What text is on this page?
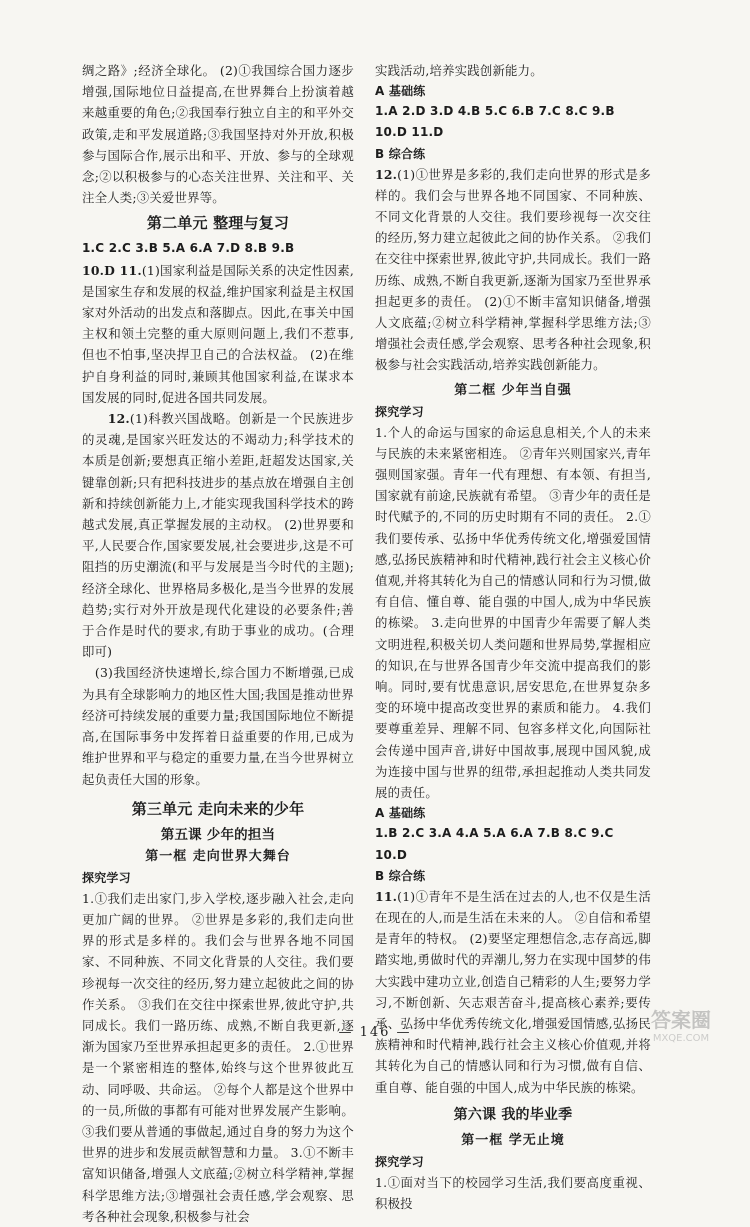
绸之路》;经济全球化。 (2)①我国综合国力逐步增强,国际地位日益提高,在世界舞台上扮演着越来越重要的角色;②我国奉行独立自主的和平外交政策,走和平发展道路;③我国坚持对外开放,积极参与国际合作,展示出和平、开放、参与的全球观念;②以积极参与的心态关注世界、关注和平、关注全人类;③关爱世界等。

第二单元 整理与复习

1.C 2.C 3.B 5.A 6.A 7.D 8.B 9.B

10.D 11.(1)国家利益是国际关系的决定性因素,是国家生存和发展的权益,维护国家利益是主权国家对外活动的出发点和落脚点。因此,在事关中国主权和领土完整的重大原则问题上,我们不惹事,但也不怕事,坚决捍卫自己的合法权益。 (2)在维护自身利益的同时,兼顾其他国家利益,在谋求本国发展的同时,促进各国共同发展。

　　12.(1)科教兴国战略。创新是一个民族进步的灵魂,是国家兴旺发达的不竭动力;科学技术的本质是创新;要想真正缩小差距,赶超发达国家,关键靠创新;只有把科技进步的基点放在增强自主创新和持续创新能力上,才能实现我国科学技术的跨越式发展,真正掌握发展的主动权。 (2)世界要和平,人民要合作,国家要发展,社会要进步,这是不可阻挡的历史潮流(和平与发展是当今时代的主题);经济全球化、世界格局多极化,是当今世界的发展趋势;实行对外开放是现代化建设的必要条件;善于合作是时代的要求,有助于事业的成功。(合理即可)

　(3)我国经济快速增长,综合国力不断增强,已成为具有全球影响力的地区性大国;我国是推动世界经济可持续发展的重要力量;我国国际地位不断提高,在国际事务中发挥着日益重要的作用,已成为维护世界和平与稳定的重要力量,在当今世界树立起负责任大国的形象。

第三单元 走向未来的少年
第五课 少年的担当
第一框 走向世界大舞台
探究学习

1.①我们走出家门,步入学校,逐步融入社会,走向更加广阔的世界。 ②世界是多彩的,我们走向世界的形式是多样的。我们会与世界各地不同国家、不同种族、不同文化背景的人交往。我们要珍视每一次交往的经历,努力建立起彼此之间的协作关系。 ③我们在交往中探索世界,彼此守护,共同成长。我们一路历练、成熟,不断自我更新,逐渐为国家乃至世界承担起更多的责任。 2.①世界是一个紧密相连的整体,始终与这个世界彼此互动、同呼吸、共命运。 ②每个人都是这个世界中的一员,所做的事都有可能对世界发展产生影响。 ③我们要从普通的事做起,通过自身的努力为这个世界的进步和发展贡献智慧和力量。 3.①不断丰富知识储备,增强人文底蕴;②树立科学精神,掌握科学思维方法;③增强社会责任感,学会观察、思考各种社会现象,积极参与社会

实践活动,培养实践创新能力。

A 基础练

1.A 2.D 3.D 4.B 5.C 6.B 7.C 8.C 9.B

10.D 11.D

B 综合练

12.(1)①世界是多彩的,我们走向世界的形式是多样的。我们会与世界各地不同国家、不同种族、不同文化背景的人交往。我们要珍视每一次交往的经历,努力建立起彼此之间的协作关系。 ②我们在交往中探索世界,彼此守护,共同成长。我们一路历练、成熟,不断自我更新,逐渐为国家乃至世界承担起更多的责任。 (2)①不断丰富知识储备,增强人文底蕴;②树立科学精神,掌握科学思维方法;③增强社会责任感,学会观察、思考各种社会现象,积极参与社会实践活动,培养实践创新能力。

第二框 少年当自强
探究学习

1.个人的命运与国家的命运息息相关,个人的未来与民族的未来紧密相连。 ②青年兴则国家兴,青年强则国家强。青年一代有理想、有本领、有担当,国家就有前途,民族就有希望。 ③青少年的责任是时代赋予的,不同的历史时期有不同的责任。 2.①我们要传承、弘扬中华优秀传统文化,增强爱国情感,弘扬民族精神和时代精神,践行社会主义核心价值观,并将其转化为自己的情感认同和行为习惯,做有自信、懂自尊、能自强的中国人,成为中华民族的栋梁。 3.走向世界的中国青少年需要了解人类文明进程,积极关切人类问题和世界局势,掌握相应的知识,在与世界各国青少年交流中提高我们的影响。同时,要有忧患意识,居安思危,在世界复杂多变的环境中提高改变世界的素质和能力。 4.我们要尊重差异、理解不同、包容多样文化,向国际社会传递中国声音,讲好中国故事,展现中国风貌,成为连接中国与世界的纽带,承担起推动人类共同发展的责任。

A 基础练

1.B 2.C 3.A 4.A 5.A 6.A 7.B 8.C 9.C

10.D

B 综合练

11.(1)①青年不是生活在过去的人,也不仅是生活在现在的人,而是生活在未来的人。 ②自信和希望是青年的特权。 (2)要坚定理想信念,志存高远,脚踏实地,勇做时代的弄潮儿,努力在实现中国梦的伟大实践中建功立业,创造自己精彩的人生;要努力学习,不断创新、矢志艰苦奋斗,提高核心素养;要传承、弘扬中华优秀传统文化,增强爱国情感,弘扬民族精神和时代精神,践行社会主义核心价值观,并将其转化为自己的情感认同和行为习惯,做有自信、重自尊、能自强的中国人,成为中华民族的栋梁。

第六课 我的毕业季
第一框 学无止境
探究学习

1.①面对当下的校园学习生活,我们要高度重视、积极投

— 146 —
答案圈
MXQE.COM
